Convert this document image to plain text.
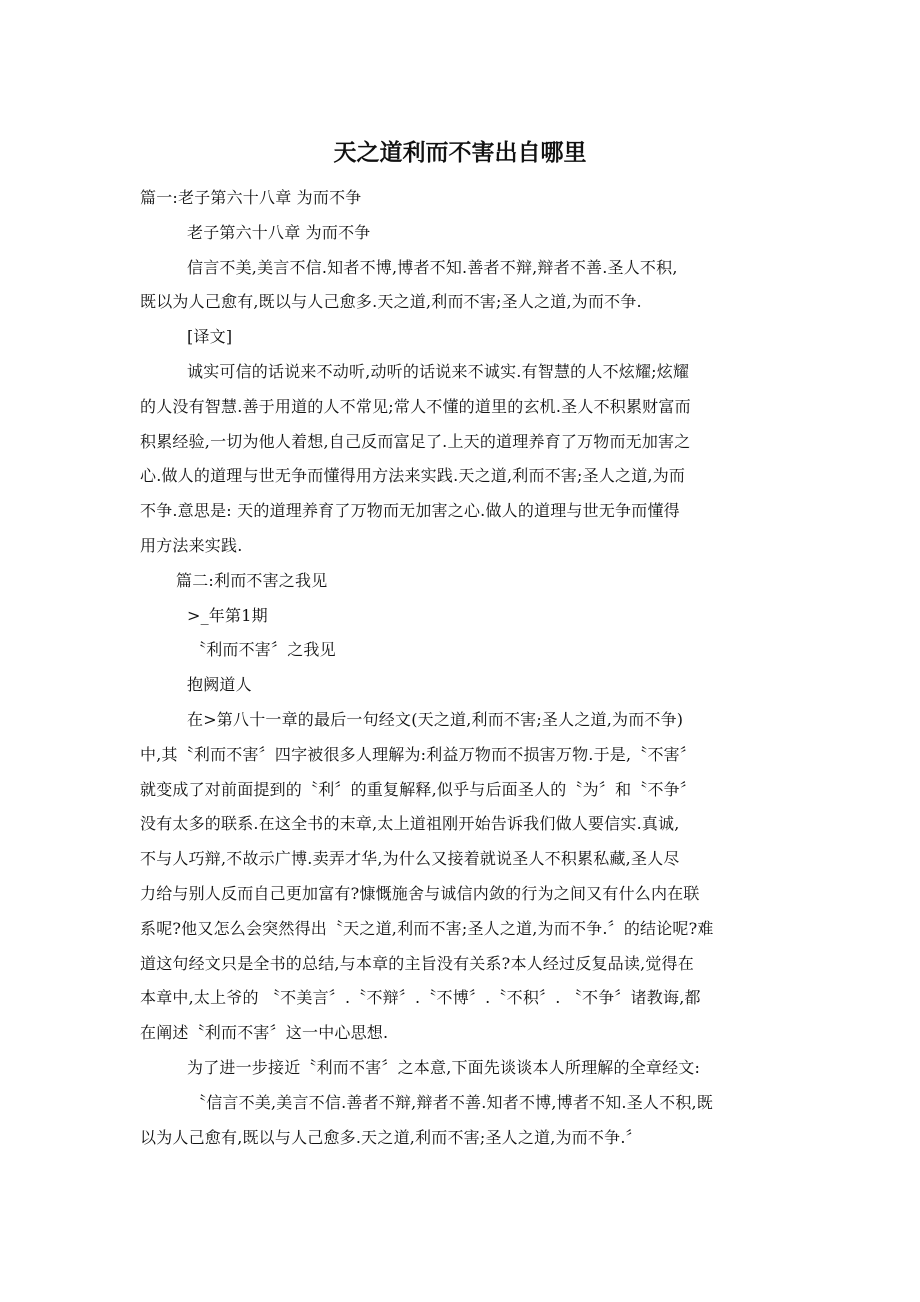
天之道利而不害出自哪里
篇一:老子第六十八章 为而不争
老子第六十八章 为而不争
信言不美,美言不信.知者不博,博者不知.善者不辩,辩者不善.圣人不积,
既以为人己愈有,既以与人己愈多.天之道,利而不害;圣人之道,为而不争.
[译文]
诚实可信的话说来不动听,动听的话说来不诚实.有智慧的人不炫耀;炫耀
的人没有智慧.善于用道的人不常见;常人不懂的道里的玄机.圣人不积累财富而
积累经验,一切为他人着想,自己反而富足了.上天的道理养育了万物而无加害之
心.做人的道理与世无争而懂得用方法来实践.天之道,利而不害;圣人之道,为而
不争.意思是: 天的道理养育了万物而无加害之心.做人的道理与世无争而懂得
用方法来实践.
篇二:利而不害之我见
>_年第1期
〝利而不害〞之我见
抱阙道人
在>第八十一章的最后一句经文(天之道,利而不害;圣人之道,为而不争)
中,其〝利而不害〞四字被很多人理解为:利益万物而不损害万物.于是,〝不害〞
就变成了对前面提到的〝利〞的重复解释,似乎与后面圣人的〝为〞和〝不争〞
没有太多的联系.在这全书的末章,太上道祖刚开始告诉我们做人要信实.真诚,
不与人巧辩,不故示广博.卖弄才华,为什么又接着就说圣人不积累私藏,圣人尽
力给与别人反而自己更加富有?慷慨施舍与诚信内敛的行为之间又有什么内在联
系呢?他又怎么会突然得出〝天之道,利而不害;圣人之道,为而不争.〞的结论呢?难
道这句经文只是全书的总结,与本章的主旨没有关系?本人经过反复品读,觉得在
本章中,太上爷的 〝不美言〞.〝不辩〞.〝不博〞.〝不积〞. 〝不争〞诸教诲,都
在阐述〝利而不害〞这一中心思想.
为了进一步接近〝利而不害〞之本意,下面先谈谈本人所理解的全章经文:
〝信言不美,美言不信.善者不辩,辩者不善.知者不博,博者不知.圣人不积,既
以为人己愈有,既以与人己愈多.天之道,利而不害;圣人之道,为而不争.〞
